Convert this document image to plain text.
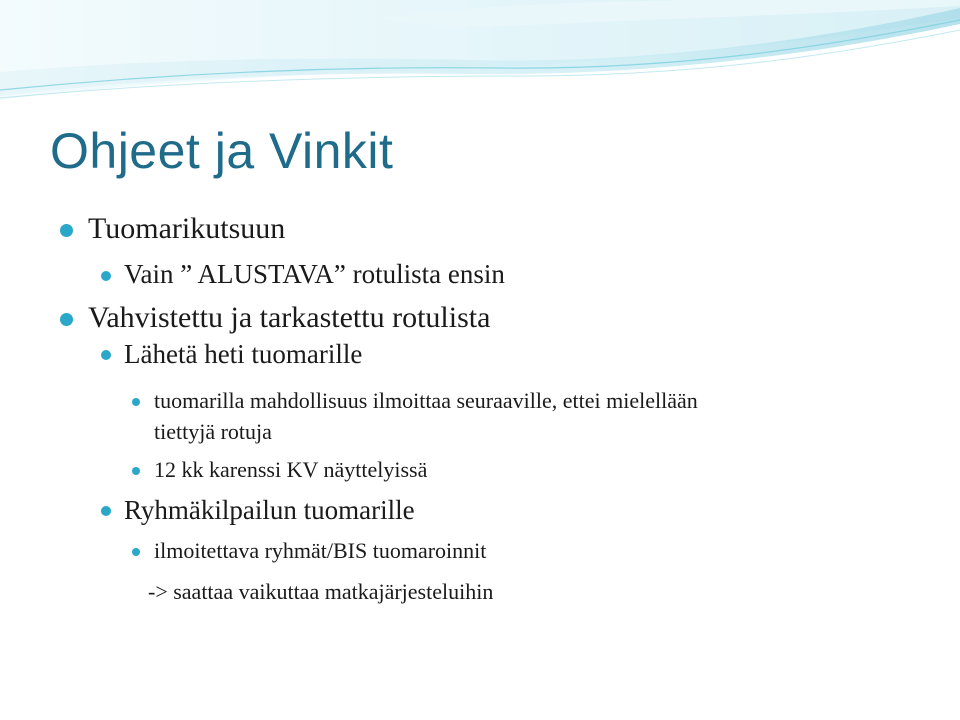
Ohjeet ja Vinkit
Tuomarikutsuun
Vain ” ALUSTAVA” rotulista ensin
Vahvistettu ja tarkastettu rotulista
Lähetä heti tuomarille
tuomarilla mahdollisuus ilmoittaa seuraaville, ettei mielellään
tiettyjä rotuja
12 kk karenssi KV näyttelyissä
Ryhmäkilpailun tuomarille
ilmoitettava ryhmät/BIS tuomaroinnit
-> saattaa vaikuttaa matkajärjesteluihin
